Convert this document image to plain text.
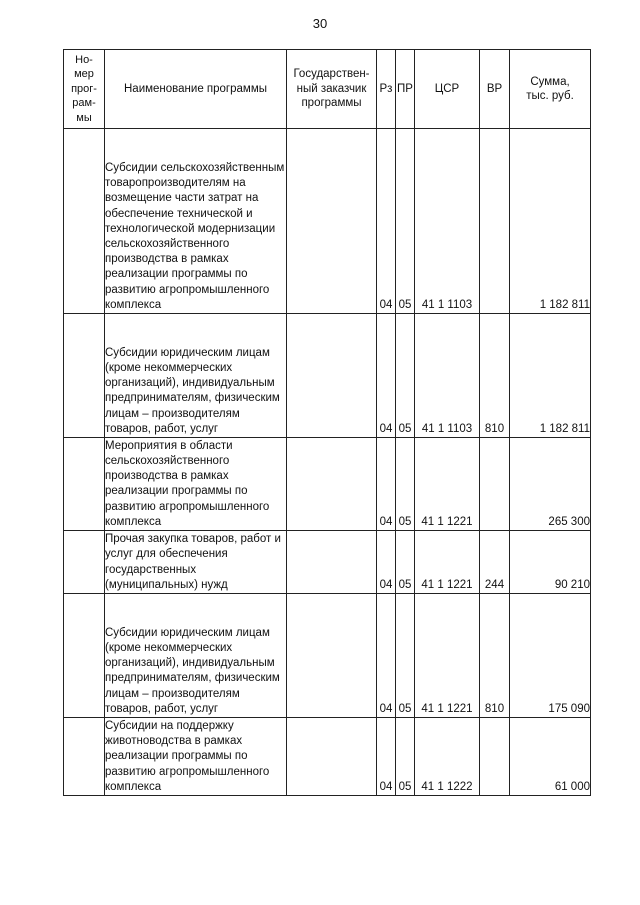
30
Но-
мер
прог-
рам-
мы	Наименование программы	Государствен-
ный заказчик
программы	Рз	ПР	ЦСР	ВР	Сумма,
тыс. руб.

	Субсидии сельскохозяйственным товаропроизводителям на возмещение части затрат на обеспечение технической и технологической модернизации сельскохозяйственного производства в рамках реализации программы по развитию агропромышленного комплекса		04	05	41 1 1103		1 182 811

	Субсидии юридическим лицам (кроме некоммерческих организаций), индивидуальным предпринимателям, физическим лицам – производителям товаров, работ, услуг		04	05	41 1 1103	810	1 182 811

	Мероприятия в области сельскохозяйственного производства в рамках реализации программы по развитию агропромышленного комплекса		04	05	41 1 1221		265 300

	Прочая закупка товаров, работ и услуг для обеспечения государственных (муниципальных) нужд		04	05	41 1 1221	244	90 210

	Субсидии юридическим лицам (кроме некоммерческих организаций), индивидуальным предпринимателям, физическим лицам – производителям товаров, работ, услуг		04	05	41 1 1221	810	175 090

	Субсидии на поддержку животноводства в рамках реализации программы по развитию агропромышленного комплекса		04	05	41 1 1222		61 000
